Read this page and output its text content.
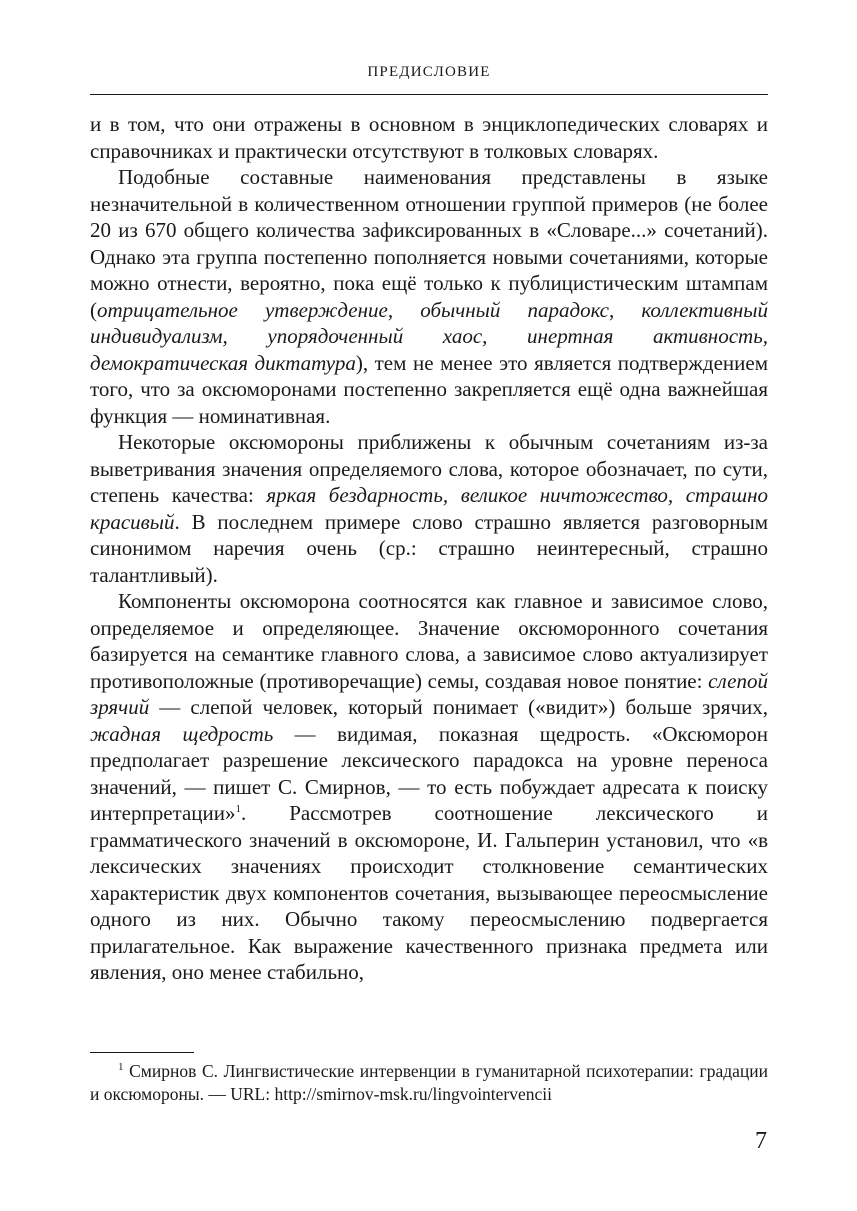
ПРЕДИСЛОВИЕ

и в том, что они отражены в основном в энциклопедических словарях и справочниках и практически отсутствуют в толковых словарях.

Подобные составные наименования представлены в языке незначительной в количественном отношении группой примеров (не более 20 из 670 общего количества зафиксированных в «Словаре...» сочетаний). Однако эта группа постепенно пополняется новыми сочетаниями, которые можно отнести, вероятно, пока ещё только к публицистическим штампам (отрицательное утверждение, обычный парадокс, коллективный индивидуализм, упорядоченный хаос, инертная активность, демократическая диктатура), тем не менее это является подтверждением того, что за оксюморонами постепенно закрепляется ещё одна важнейшая функция — номинативная.

Некоторые оксюмороны приближены к обычным сочетаниям из-за выветривания значения определяемого слова, которое обозначает, по сути, степень качества: яркая бездарность, великое ничтожество, страшно красивый. В последнем примере слово страшно является разговорным синонимом наречия очень (ср.: страшно неинтересный, страшно талантливый).

Компоненты оксюморона соотносятся как главное и зависимое слово, определяемое и определяющее. Значение оксюморонного сочетания базируется на семантике главного слова, а зависимое слово актуализирует противоположные (противоречащие) семы, создавая новое понятие: слепой зрячий — слепой человек, который понимает («видит») больше зрячих, жадная щедрость — видимая, показная щедрость. «Оксюморон предполагает разрешение лексического парадокса на уровне переноса значений, — пишет С. Смирнов, — то есть побуждает адресата к поиску интерпретации»$^1$. Рассмотрев соотношение лексического и грамматического значений в оксюмороне, И. Гальперин установил, что «в лексических значениях происходит столкновение семантических характеристик двух компонентов сочетания, вызывающее переосмысление одного из них. Обычно такому переосмыслению подвергается прилагательное. Как выражение качественного признака предмета или явления, оно менее стабильно,

$^1$ Смирнов С. Лингвистические интервенции в гуманитарной психотерапии: градации и оксюмороны. — URL: http://smirnov-msk.ru/lingvointervencii
7
